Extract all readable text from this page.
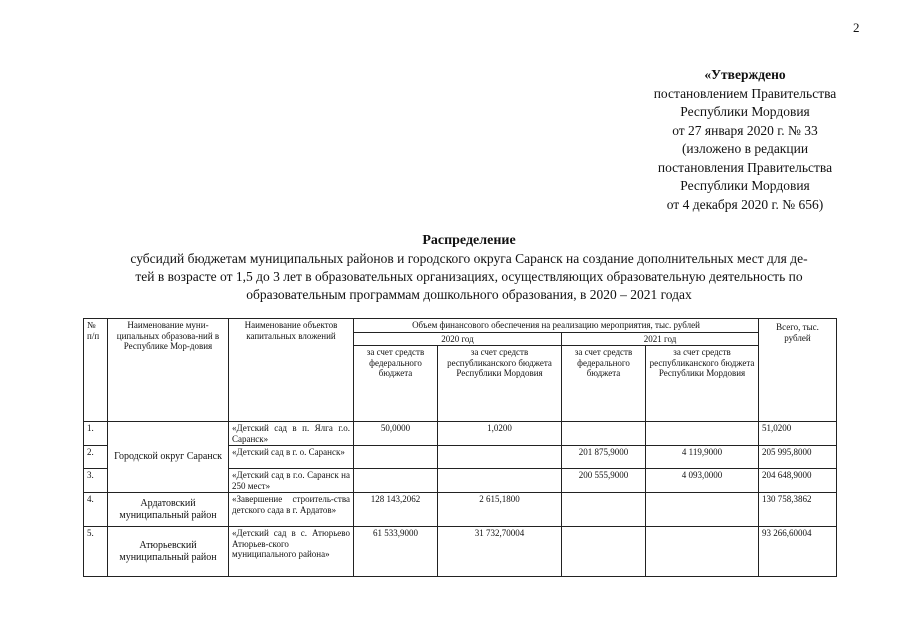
2
«Утверждено
постановлением Правительства
Республики Мордовия
от 27 января 2020 г. № 33
(изложено в редакции
постановления Правительства
Республики Мордовия
от 4 декабря 2020 г. № 656)
Распределение
субсидий бюджетам муниципальных районов и городского округа Саранск на создание дополнительных мест для де-
тей в возрасте от 1,5 до 3 лет в образовательных организациях, осуществляющих образовательную деятельность по
образовательным программам дошкольного образования, в 2020 – 2021 годах
№ п/п	Наименование муни-ципальных образова-ний в Республике Мор-довия	Наименование объектов капитальных вложений	Объем финансового обеспечения на реализацию мероприятия, тыс. рублей				Всего, тыс. рублей
			2020 год		2021 год		
			за счет средств федерального бюджета	за счет средств республиканского бюджета Республики Мордовия	за счет средств федерального бюджета	за счет средств республиканского бюджета Республики Мордовия	
1.	Городской округ Саранск	«Детский сад в п. Ялга г.о. Саранск»	50,0000	1,0200			51,0200
2.		«Детский сад в г. о. Саранск»			201 875,9000	4 119,9000	205 995,8000
3.		«Детский сад в г.о. Саранск на 250 мест»			200 555,9000	4 093,0000	204 648,9000
4.	Ардатовский муниципальный район	«Завершение строитель-ства детского сада в г. Ардатов»	128 143,2062	2 615,1800			130 758,3862
5.	Атюрьевский муниципальный район	«Детский сад в с. Атюрьево Атюрьев-ского муниципального района»	61 533,9000	31 732,70004			93 266,60004
